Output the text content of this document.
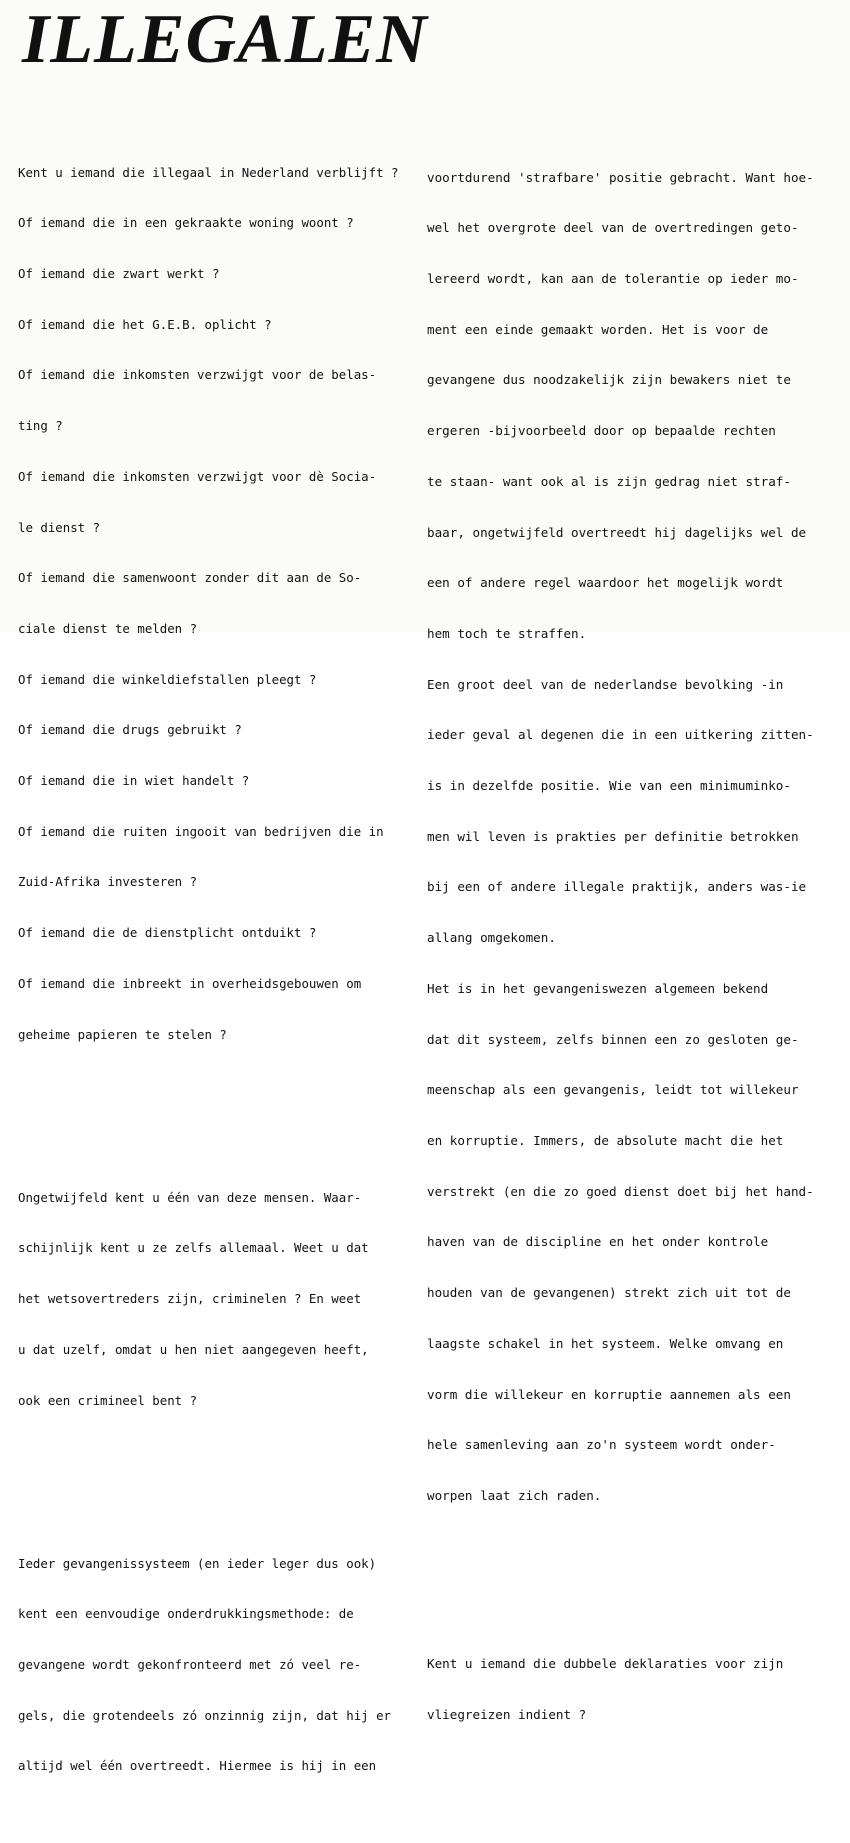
ILLEGALEN

Kent u iemand die illegaal in Nederland verblijft ?

Of iemand die in een gekraakte woning woont ?

Of iemand die zwart werkt ?

Of iemand die het G.E.B. oplicht ?

Of iemand die inkomsten verzwijgt voor de belas-

ting ?

Of iemand die inkomsten verzwijgt voor dè Socia-

le dienst ?

Of iemand die samenwoont zonder dit aan de So-

ciale dienst te melden ?

Of iemand die winkeldiefstallen pleegt ?

Of iemand die drugs gebruikt ?

Of iemand die in wiet handelt ?

Of iemand die ruiten ingooit van bedrijven die in

Zuid-Afrika investeren ?

Of iemand die de dienstplicht ontduikt ?

Of iemand die inbreekt in overheidsgebouwen om

geheime papieren te stelen ?

Ongetwijfeld kent u één van deze mensen. Waar-

schijnlijk kent u ze zelfs allemaal. Weet u dat

het wetsovertreders zijn, criminelen ? En weet

u dat uzelf, omdat u hen niet aangegeven heeft,

ook een crimineel bent ?

Ieder gevangenissysteem (en ieder leger dus ook)

kent een eenvoudige onderdrukkingsmethode: de

gevangene wordt gekonfronteerd met zó veel re-

gels, die grotendeels zó onzinnig zijn, dat hij er

altijd wel één overtreedt. Hiermee is hij in een

voortdurend 'strafbare' positie gebracht. Want hoe-

wel het overgrote deel van de overtredingen geto-

lereerd wordt, kan aan de tolerantie op ieder mo-

ment een einde gemaakt worden. Het is voor de

gevangene dus noodzakelijk zijn bewakers niet te

ergeren -bijvoorbeeld door op bepaalde rechten

te staan- want ook al is zijn gedrag niet straf-

baar, ongetwijfeld overtreedt hij dagelijks wel de

een of andere regel waardoor het mogelijk wordt

hem toch te straffen.

Een groot deel van de nederlandse bevolking -in

ieder geval al degenen die in een uitkering zitten-

is in dezelfde positie. Wie van een minimuminko-

men wil leven is prakties per definitie betrokken

bij een of andere illegale praktijk, anders was-ie

allang omgekomen.

Het is in het gevangeniswezen algemeen bekend

dat dit systeem, zelfs binnen een zo gesloten ge-

meenschap als een gevangenis, leidt tot willekeur

en korruptie. Immers, de absolute macht die het

verstrekt (en die zo goed dienst doet bij het hand-

haven van de discipline en het onder kontrole

houden van de gevangenen) strekt zich uit tot de

laagste schakel in het systeem. Welke omvang en

vorm die willekeur en korruptie aannemen als een

hele samenleving aan zo'n systeem wordt onder-

worpen laat zich raden.

Kent u iemand die dubbele deklaraties voor zijn

vliegreizen indient ?
